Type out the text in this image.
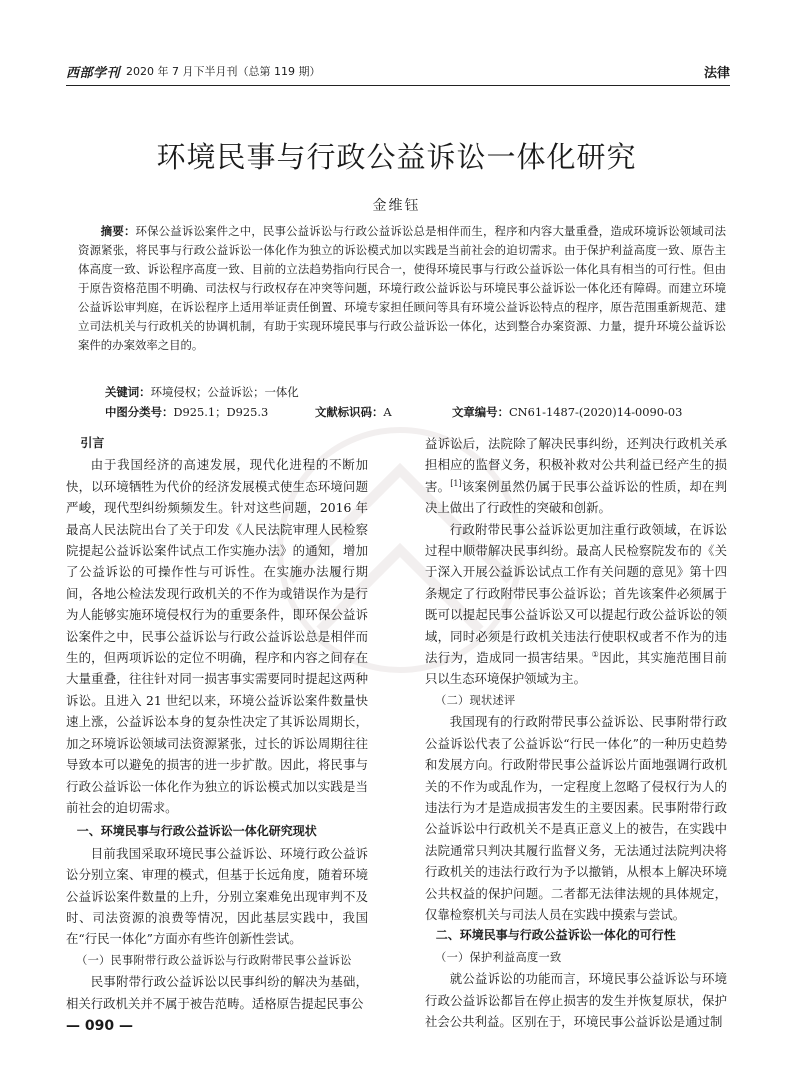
西部学刊 2020 年 7 月下半月刊（总第 119 期）	法律
环境民事与行政公益诉讼一体化研究
金维钰
摘要：环保公益诉讼案件之中，民事公益诉讼与行政公益诉讼总是相伴而生，程序和内容大量重叠，造成环境诉讼领域司法资源紧张，将民事与行政公益诉讼一体化作为独立的诉讼模式加以实践是当前社会的迫切需求。由于保护利益高度一致、原告主体高度一致、诉讼程序高度一致、目前的立法趋势指向行民合一，使得环境民事与行政公益诉讼一体化具有相当的可行性。但由于原告资格范围不明确、司法权与行政权存在冲突等问题，环境行政公益诉讼与环境民事公益诉讼一体化还有障碍。而建立环境公益诉讼审判庭，在诉讼程序上适用举证责任倒置、环境专家担任顾问等具有环境公益诉讼特点的程序，原告范围重新规范、建立司法机关与行政机关的协调机制，有助于实现环境民事与行政公益诉讼一体化，达到整合办案资源、力量，提升环境公益诉讼案件的办案效率之目的。
关键词：环境侵权；公益诉讼；一体化
中图分类号：D925.1；D925.3	文献标识码：A	文章编号：CN61-1487-(2020)14-0090-03

引言

由于我国经济的高速发展，现代化进程的不断加快，以环境牺牲为代价的经济发展模式使生态环境问题严峻，现代型纠纷频频发生。针对这些问题，2016 年最高人民法院出台了关于印发《人民法院审理人民检察院提起公益诉讼案件试点工作实施办法》的通知，增加了公益诉讼的可操作性与可诉性。在实施办法履行期间，各地公检法发现行政机关的不作为或错误作为是行为人能够实施环境侵权行为的重要条件，即环保公益诉讼案件之中，民事公益诉讼与行政公益诉讼总是相伴而生的，但两项诉讼的定位不明确，程序和内容之间存在大量重叠，往往针对同一损害事实需要同时提起这两种诉讼。且进入 21 世纪以来，环境公益诉讼案件数量快速上涨，公益诉讼本身的复杂性决定了其诉讼周期长，加之环境诉讼领域司法资源紧张，过长的诉讼周期往往导致本可以避免的损害的进一步扩散。因此，将民事与行政公益诉讼一体化作为独立的诉讼模式加以实践是当前社会的迫切需求。

一、环境民事与行政公益诉讼一体化研究现状

目前我国采取环境民事公益诉讼、环境行政公益诉讼分别立案、审理的模式，但基于长远角度，随着环境公益诉讼案件数量的上升，分别立案难免出现审判不及时、司法资源的浪费等情况，因此基层实践中，我国在“行民一体化”方面亦有些许创新性尝试。

（一）民事附带行政公益诉讼与行政附带民事公益诉讼

民事附带行政公益诉讼以民事纠纷的解决为基础，相关行政机关并不属于被告范畴。适格原告提起民事公

益诉讼后，法院除了解决民事纠纷，还判决行政机关承担相应的监督义务，积极补救对公共利益已经产生的损害。[1]该案例虽然仍属于民事公益诉讼的性质，却在判决上做出了行政性的突破和创新。

行政附带民事公益诉讼更加注重行政领域，在诉讼过程中顺带解决民事纠纷。最高人民检察院发布的《关于深入开展公益诉讼试点工作有关问题的意见》第十四条规定了行政附带民事公益诉讼；首先该案件必须属于既可以提起民事公益诉讼又可以提起行政公益诉讼的领域，同时必须是行政机关违法行使职权或者不作为的违法行为，造成同一损害结果。①因此，其实施范围目前只以生态环境保护领域为主。

（二）现状述评

我国现有的行政附带民事公益诉讼、民事附带行政公益诉讼代表了公益诉讼“行民一体化”的一种历史趋势和发展方向。行政附带民事公益诉讼片面地强调行政机关的不作为或乱作为，一定程度上忽略了侵权行为人的违法行为才是造成损害发生的主要因素。民事附带行政公益诉讼中行政机关不是真正意义上的被告，在实践中法院通常只判决其履行监督义务，无法通过法院判决将行政机关的违法行政行为予以撤销，从根本上解决环境公共权益的保护问题。二者都无法律法规的具体规定，仅靠检察机关与司法人员在实践中摸索与尝试。

二、环境民事与行政公益诉讼一体化的可行性

（一）保护利益高度一致

就公益诉讼的功能而言，环境民事公益诉讼与环境行政公益诉讼都旨在停止损害的发生并恢复原状，保护社会公共利益。区别在于，环境民事公益诉讼是通过制

— 090 —
